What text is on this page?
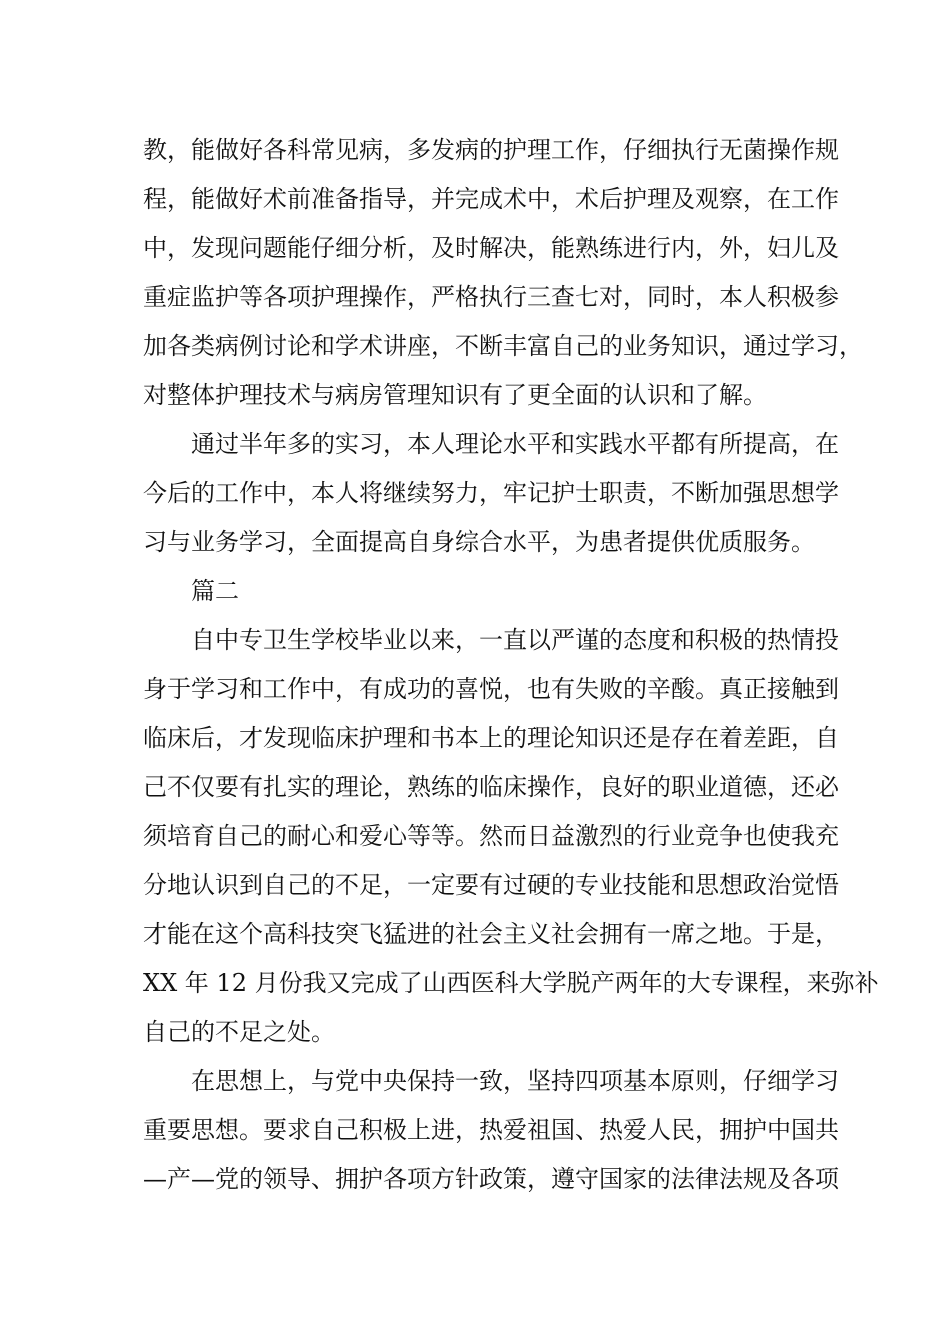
教，能做好各科常见病，多发病的护理工作，仔细执行无菌操作规
程，能做好术前准备指导，并完成术中，术后护理及观察，在工作
中，发现问题能仔细分析，及时解决，能熟练进行内，外，妇儿及
重症监护等各项护理操作，严格执行三查七对，同时，本人积极参
加各类病例讨论和学术讲座，不断丰富自己的业务知识，通过学习，
对整体护理技术与病房管理知识有了更全面的认识和了解。
通过半年多的实习，本人理论水平和实践水平都有所提高，在
今后的工作中，本人将继续努力，牢记护士职责，不断加强思想学
习与业务学习，全面提高自身综合水平，为患者提供优质服务。
篇二
自中专卫生学校毕业以来，一直以严谨的态度和积极的热情投
身于学习和工作中，有成功的喜悦，也有失败的辛酸。真正接触到
临床后，才发现临床护理和书本上的理论知识还是存在着差距，自
己不仅要有扎实的理论，熟练的临床操作，良好的职业道德，还必
须培育自己的耐心和爱心等等。然而日益激烈的行业竞争也使我充
分地认识到自己的不足，一定要有过硬的专业技能和思想政治觉悟
才能在这个高科技突飞猛进的社会主义社会拥有一席之地。于是，
XX 年 12 月份我又完成了山西医科大学脱产两年的大专课程，来弥补
自己的不足之处。
在思想上，与党中央保持一致，坚持四项基本原则，仔细学习
重要思想。要求自己积极上进，热爱祖国、热爱人民，拥护中国共
—产—党的领导、拥护各项方针政策，遵守国家的法律法规及各项
